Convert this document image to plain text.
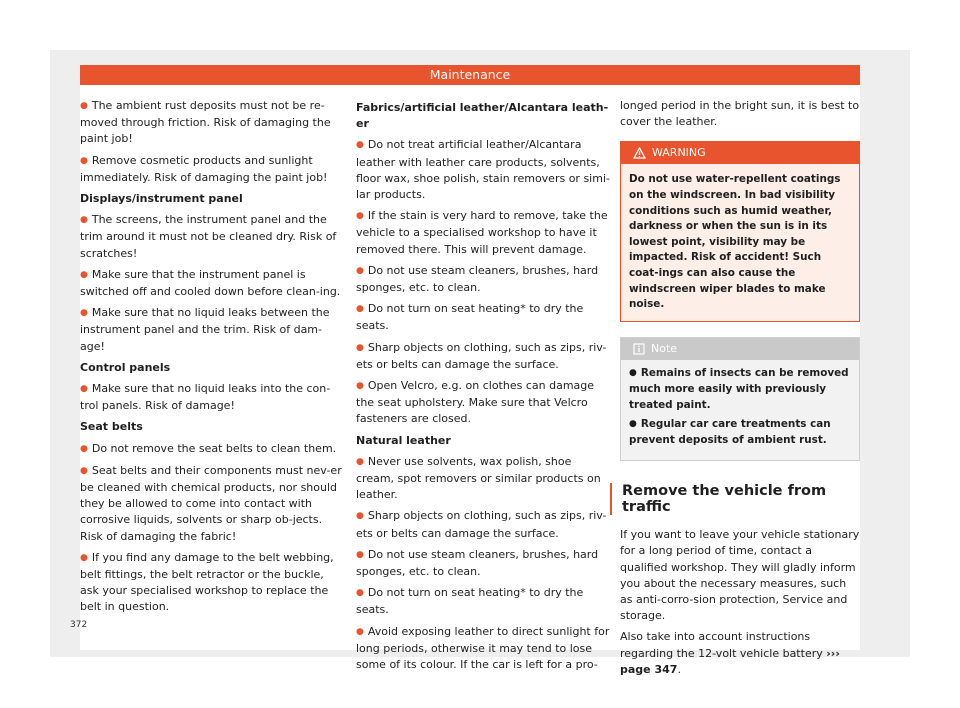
Maintenance

● The ambient rust deposits must not be re-moved through friction. Risk of damaging the paint job!

● Remove cosmetic products and sunlight immediately. Risk of damaging the paint job!

Displays/instrument panel

● The screens, the instrument panel and the trim around it must not be cleaned dry. Risk of scratches!

● Make sure that the instrument panel is switched off and cooled down before clean-ing.

● Make sure that no liquid leaks between the instrument panel and the trim. Risk of dam-age!

Control panels

● Make sure that no liquid leaks into the con-trol panels. Risk of damage!

Seat belts

● Do not remove the seat belts to clean them.

● Seat belts and their components must nev-er be cleaned with chemical products, nor should they be allowed to come into contact with corrosive liquids, solvents or sharp ob-jects. Risk of damaging the fabric!

● If you find any damage to the belt webbing, belt fittings, the belt retractor or the buckle, ask your specialised workshop to replace the belt in question.

Fabrics/artificial leather/Alcantara leath-er

● Do not treat artificial leather/Alcantara leather with leather care products, solvents, floor wax, shoe polish, stain removers or simi-lar products.

● If the stain is very hard to remove, take the vehicle to a specialised workshop to have it removed there. This will prevent damage.

● Do not use steam cleaners, brushes, hard sponges, etc. to clean.

● Do not turn on seat heating* to dry the seats.

● Sharp objects on clothing, such as zips, riv-ets or belts can damage the surface.

● Open Velcro, e.g. on clothes can damage the seat upholstery. Make sure that Velcro fasteners are closed.

Natural leather

● Never use solvents, wax polish, shoe cream, spot removers or similar products on leather.

● Sharp objects on clothing, such as zips, riv-ets or belts can damage the surface.

● Do not use steam cleaners, brushes, hard sponges, etc. to clean.

● Do not turn on seat heating* to dry the seats.

● Avoid exposing leather to direct sunlight for long periods, otherwise it may tend to lose some of its colour. If the car is left for a pro-

longed period in the bright sun, it is best to cover the leather.

WARNING
Do not use water-repellent coatings on the windscreen. In bad visibility conditions such as humid weather, darkness or when the sun is in its lowest point, visibility may be impacted. Risk of accident! Such coat-ings can also cause the windscreen wiper blades to make noise.
Note

● Remains of insects can be removed much more easily with previously treated paint.

● Regular car care treatments can prevent deposits of ambient rust.

Remove the vehicle from traffic

If you want to leave your vehicle stationary for a long period of time, contact a qualified workshop. They will gladly inform you about the necessary measures, such as anti-corro-sion protection, Service and storage.

Also take into account instructions regarding the 12-volt vehicle battery ››› page 347.

372
